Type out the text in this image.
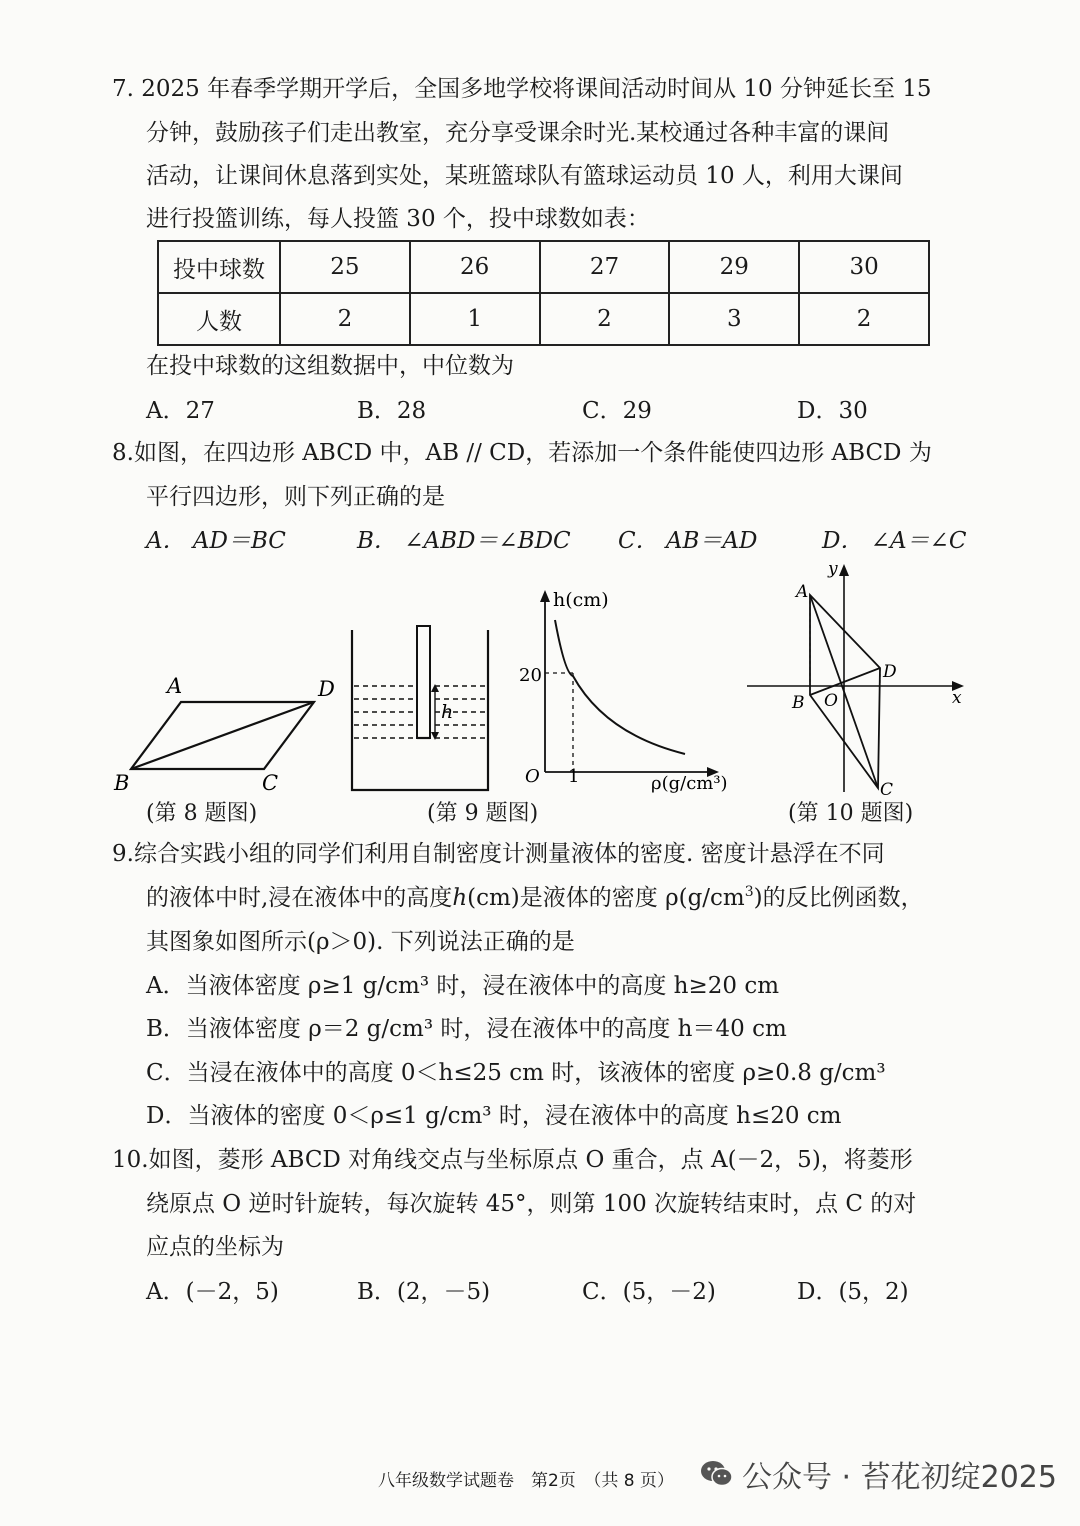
7. 2025 年春季学期开学后，全国多地学校将课间活动时间从 10 分钟延长至 15
分钟，鼓励孩子们走出教室，充分享受课余时光.某校通过各种丰富的课间
活动，让课间休息落到实处，某班篮球队有篮球运动员 10 人，利用大课间
进行投篮训练，每人投篮 30 个，投中球数如表：
投中球数	25	26	27	29	30
人数	2	1	2	3	2
在投中球数的这组数据中，中位数为
A．27	B．28	C．29	D．30
8.如图，在四边形 ABCD 中，AB // CD，若添加一个条件能使四边形 ABCD 为
平行四边形，则下列正确的是
A． AD＝BC	B． ∠ABD＝∠BDC C． AB＝AD	D． ∠A＝∠C
A	D
B	C
(第 8 题图)
h
(第 9 题图)
h(cm)
20
O 1	ρ(g/cm³)
A
D
B O
C
x
y
(第 10 题图)
9.综合实践小组的同学们利用自制密度计测量液体的密度. 密度计悬浮在不同
的液体中时,浸在液体中的高度h(cm)是液体的密度 $\rho(g/cm^3)$的反比例函数，
其图象如图所示(ρ＞0). 下列说法正确的是
A．当液体密度 ρ≥1 g/cm³ 时，浸在液体中的高度 h≥20 cm
B．当液体密度 ρ＝2 g/cm³ 时，浸在液体中的高度 h＝40 cm
C．当浸在液体中的高度 0＜h≤25 cm 时，该液体的密度 ρ≥0.8 g/cm³
D．当液体的密度 0＜ρ≤1 g/cm³ 时，浸在液体中的高度 h≤20 cm
10.如图，菱形 ABCD 对角线交点与坐标原点 O 重合，点 A(－2，5)，将菱形
绕原点 O 逆时针旋转，每次旋转 45°，则第 100 次旋转结束时，点 C 的对
应点的坐标为
A．(－2，5)	B．(2，－5)	C．(5，－2)	D．(5，2)
八年级数学试题卷　第2页　（共 8 页） 公众号 · 苔花初绽2025
